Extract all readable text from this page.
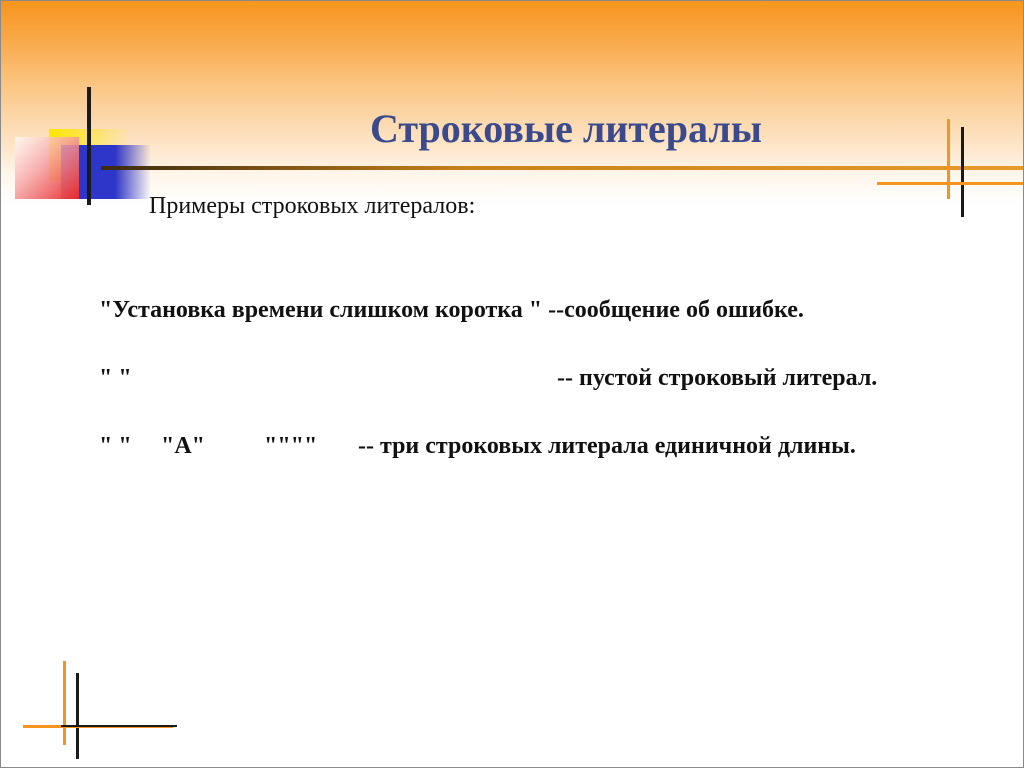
Строковые литералы
Примеры строковых литералов:
"Установка времени слишком коротка " --сообщение об ошибке.
" "	-- пустой строковый литерал.
" " "A" """" -- три строковых литерала единичной длины.
